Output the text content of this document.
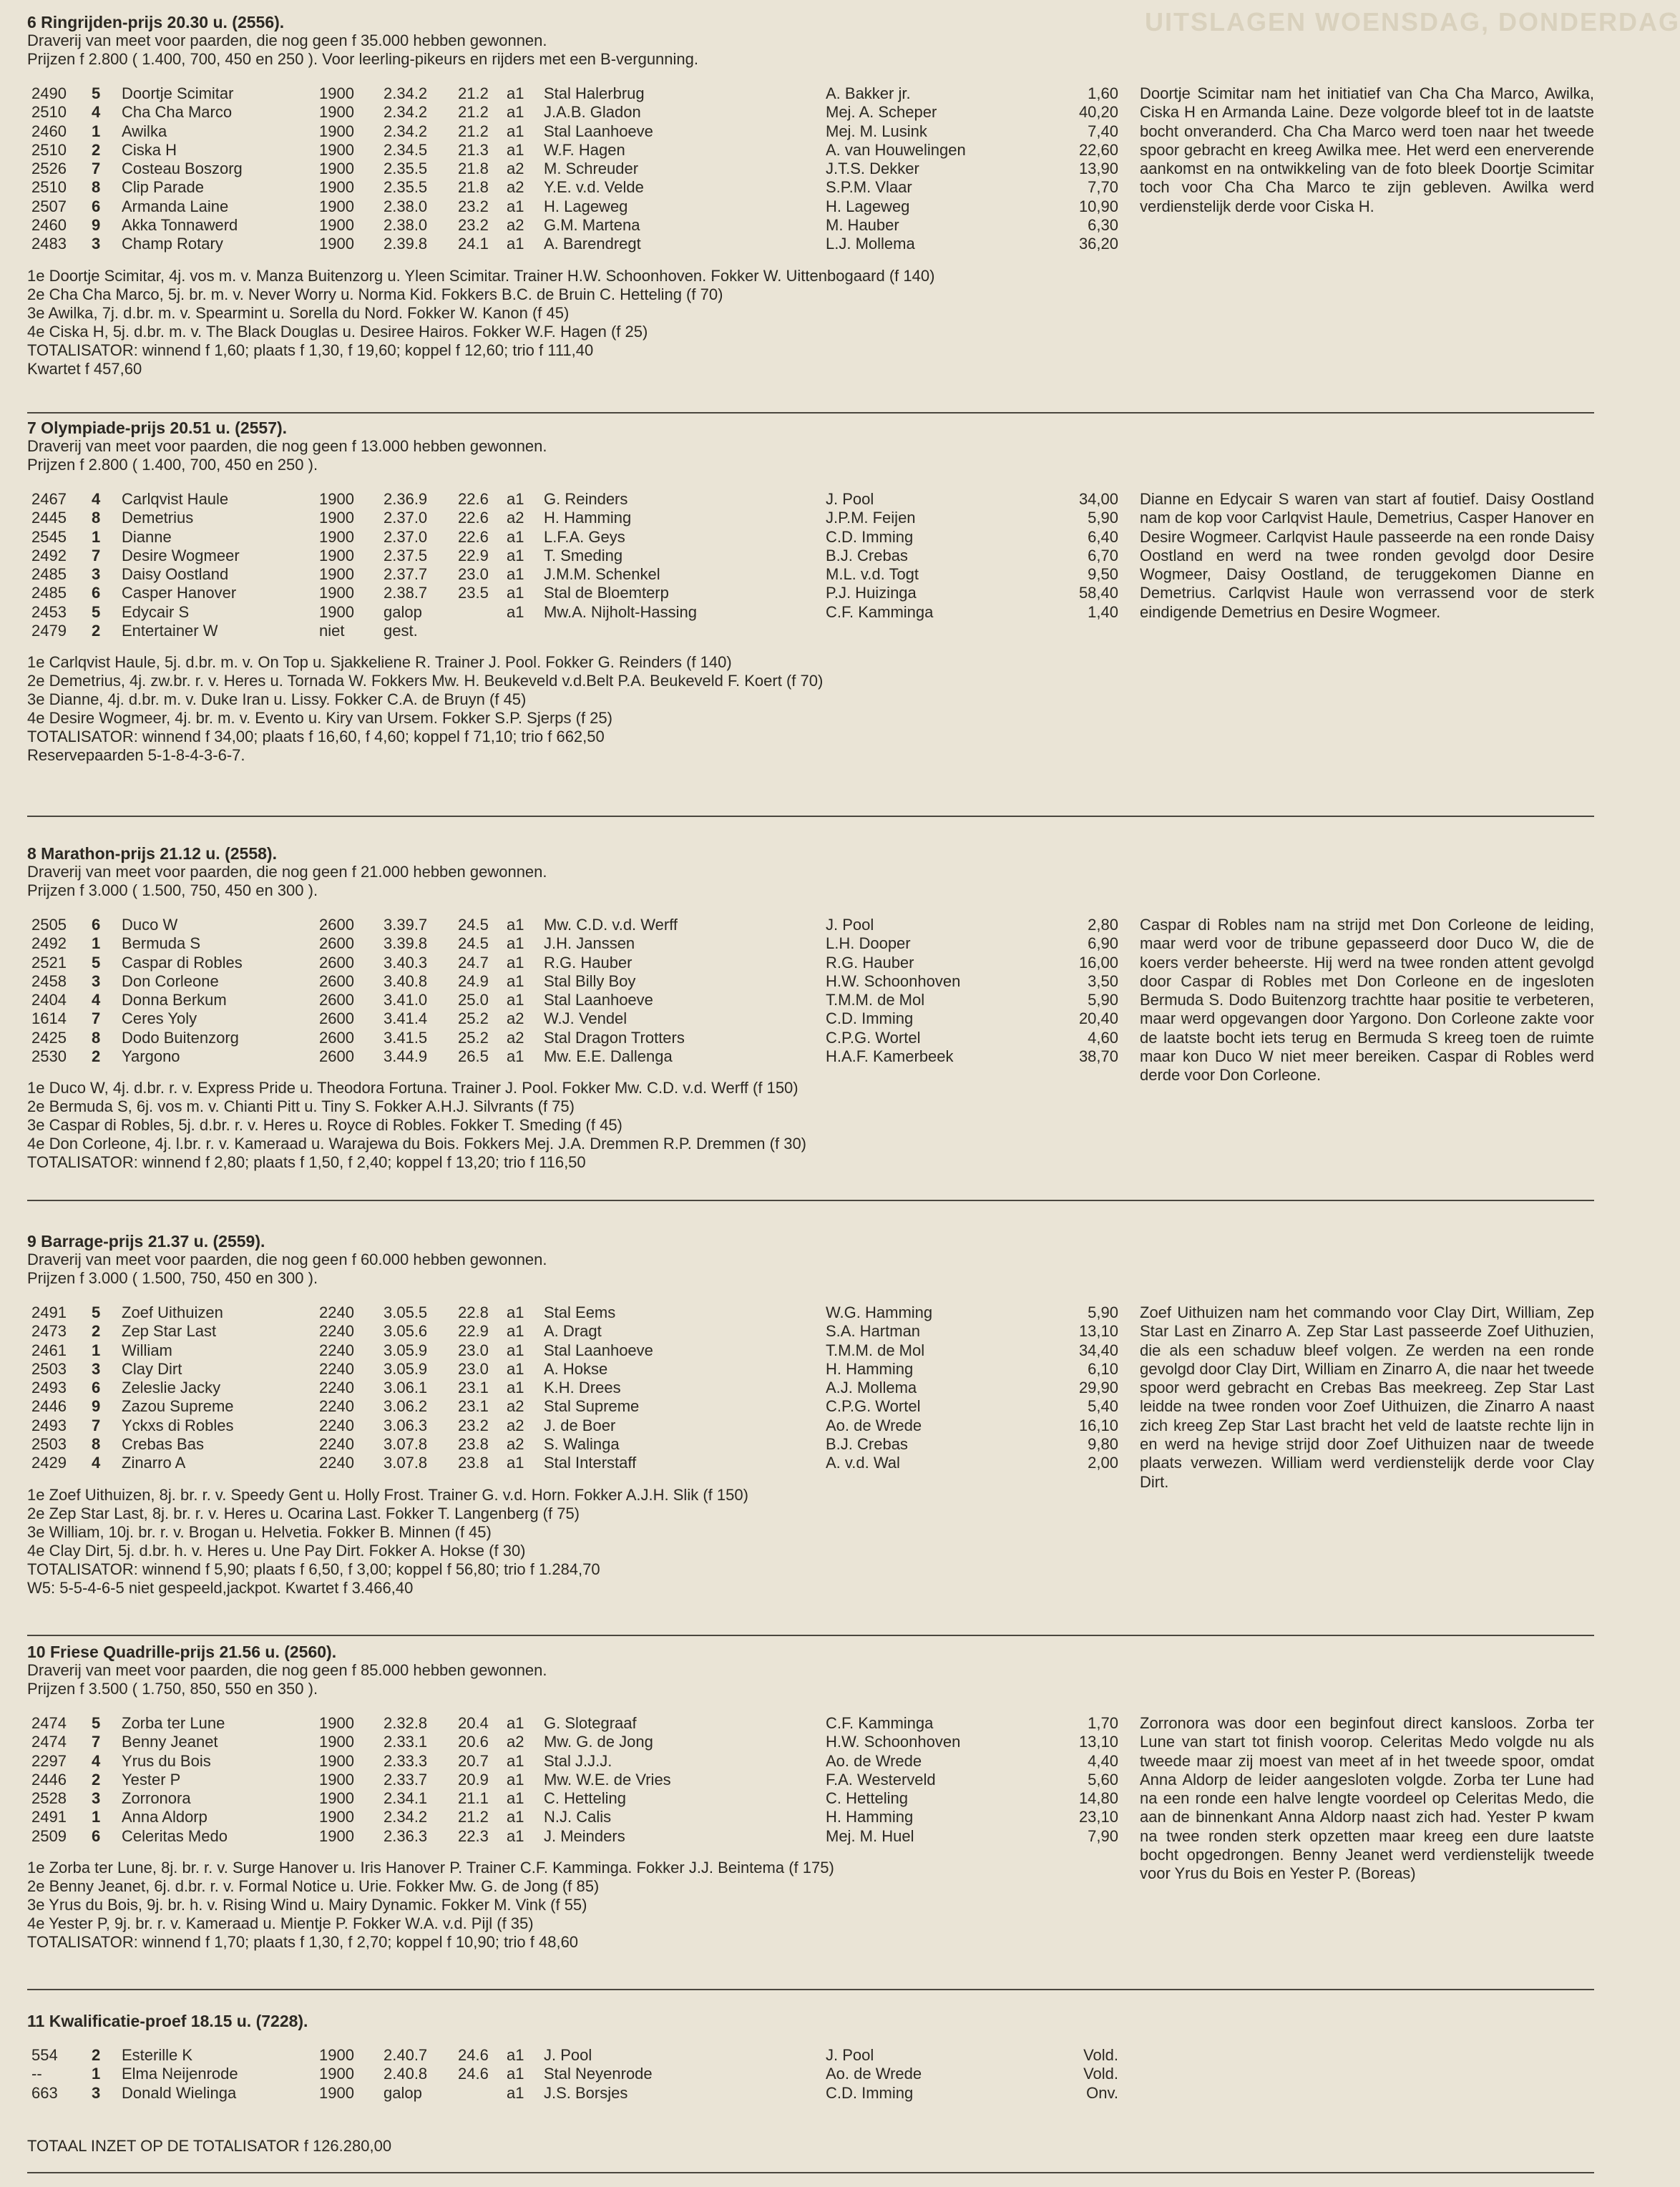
UITSLAGEN WOENSDAG, DONDERDAG
6 Ringrijden-prijs 20.30 u. (2556).
Draverij van meet voor paarden, die nog geen f 35.000 hebben gewonnen.
Prijzen f 2.800 ( 1.400, 700, 450 en 250 ). Voor leerling-pikeurs en rijders met een B-vergunning.
2490 5 Doortje Scimitar	1900 2.34.2 21.2 a1 Stal Halerbrug	A. Bakker jr.	1,60
2510 4 Cha Cha Marco	1900 2.34.2 21.2 a1 J.A.B. Gladon	Mej. A. Scheper	40,20
2460 1 Awilka	1900 2.34.2 21.2 a1 Stal Laanhoeve	Mej. M. Lusink	7,40
2510 2 Ciska H	1900 2.34.5 21.3 a1 W.F. Hagen	A. van Houwelingen	22,60
2526 7 Costeau Boszorg	1900 2.35.5 21.8 a2 M. Schreuder	J.T.S. Dekker	13,90
2510 8 Clip Parade	1900 2.35.5 21.8 a2 Y.E. v.d. Velde	S.P.M. Vlaar	7,70
2507 6 Armanda Laine	1900 2.38.0 23.2 a1 H. Lageweg	H. Lageweg	10,90
2460 9 Akka Tonnawerd	1900 2.38.0 23.2 a2 G.M. Martena	M. Hauber	6,30
2483 3 Champ Rotary	1900 2.39.8 24.1 a1 A. Barendregt	L.J. Mollema	36,20
Doortje Scimitar nam het initiatief van Cha Cha Marco, Awilka, Ciska H en Armanda Laine. Deze volgorde bleef tot in de laatste bocht onveranderd. Cha Cha Marco werd toen naar het tweede spoor gebracht en kreeg Awilka mee. Het werd een enerverende aankomst en na ontwikkeling van de foto bleek Doortje Scimitar toch voor Cha Cha Marco te zijn gebleven. Awilka werd verdienstelijk derde voor Ciska H.
1e Doortje Scimitar, 4j. vos m. v. Manza Buitenzorg u. Yleen Scimitar. Trainer H.W. Schoonhoven. Fokker W. Uittenbogaard (f 140)
2e Cha Cha Marco, 5j. br. m. v. Never Worry u. Norma Kid. Fokkers B.C. de Bruin C. Hetteling (f 70)
3e Awilka, 7j. d.br. m. v. Spearmint u. Sorella du Nord. Fokker W. Kanon (f 45)
4e Ciska H, 5j. d.br. m. v. The Black Douglas u. Desiree Hairos. Fokker W.F. Hagen (f 25)
TOTALISATOR: winnend f 1,60; plaats f 1,30, f 19,60; koppel f 12,60; trio f 111,40
Kwartet f 457,60
7 Olympiade-prijs 20.51 u. (2557).
Draverij van meet voor paarden, die nog geen f 13.000 hebben gewonnen.
Prijzen f 2.800 ( 1.400, 700, 450 en 250 ).
2467 4 Carlqvist Haule	1900 2.36.9 22.6 a1 G. Reinders	J. Pool	34,00
2445 8 Demetrius	1900 2.37.0 22.6 a2 H. Hamming	J.P.M. Feijen	5,90
2545 1 Dianne	1900 2.37.0 22.6 a1 L.F.A. Geys	C.D. Imming	6,40
2492 7 Desire Wogmeer	1900 2.37.5 22.9 a1 T. Smeding	B.J. Crebas	6,70
2485 3 Daisy Oostland	1900 2.37.7 23.0 a1 J.M.M. Schenkel	M.L. v.d. Togt	9,50
2485 6 Casper Hanover	1900 2.38.7 23.5 a1 Stal de Bloemterp	P.J. Huizinga	58,40
2453 5 Edycair S	1900 galop	a1 Mw.A. Nijholt-Hassing	C.F. Kamminga	1,40
2479 2 Entertainer W	niet gest.
Dianne en Edycair S waren van start af foutief. Daisy Oostland nam de kop voor Carlqvist Haule, Demetrius, Casper Hanover en Desire Wogmeer. Carlqvist Haule passeerde na een ronde Daisy Oostland en werd na twee ronden gevolgd door Desire Wogmeer, Daisy Oostland, de teruggekomen Dianne en Demetrius. Carlqvist Haule won verrassend voor de sterk eindigende Demetrius en Desire Wogmeer.
1e Carlqvist Haule, 5j. d.br. m. v. On Top u. Sjakkeliene R. Trainer J. Pool. Fokker G. Reinders (f 140)
2e Demetrius, 4j. zw.br. r. v. Heres u. Tornada W. Fokkers Mw. H. Beukeveld v.d.Belt P.A. Beukeveld F. Koert (f 70)
3e Dianne, 4j. d.br. m. v. Duke Iran u. Lissy. Fokker C.A. de Bruyn (f 45)
4e Desire Wogmeer, 4j. br. m. v. Evento u. Kiry van Ursem. Fokker S.P. Sjerps (f 25)
TOTALISATOR: winnend f 34,00; plaats f 16,60, f 4,60; koppel f 71,10; trio f 662,50
Reservepaarden 5-1-8-4-3-6-7.
8 Marathon-prijs 21.12 u. (2558).
Draverij van meet voor paarden, die nog geen f 21.000 hebben gewonnen.
Prijzen f 3.000 ( 1.500, 750, 450 en 300 ).
2505 6 Duco W	2600 3.39.7 24.5 a1 Mw. C.D. v.d. Werff	J. Pool	2,80
2492 1 Bermuda S	2600 3.39.8 24.5 a1 J.H. Janssen	L.H. Dooper	6,90
2521 5 Caspar di Robles	2600 3.40.3 24.7 a1 R.G. Hauber	R.G. Hauber	16,00
2458 3 Don Corleone	2600 3.40.8 24.9 a1 Stal Billy Boy	H.W. Schoonhoven	3,50
2404 4 Donna Berkum	2600 3.41.0 25.0 a1 Stal Laanhoeve	T.M.M. de Mol	5,90
1614 7 Ceres Yoly	2600 3.41.4 25.2 a2 W.J. Vendel	C.D. Imming	20,40
2425 8 Dodo Buitenzorg	2600 3.41.5 25.2 a2 Stal Dragon Trotters	C.P.G. Wortel	4,60
2530 2 Yargono	2600 3.44.9 26.5 a1 Mw. E.E. Dallenga	H.A.F. Kamerbeek	38,70
Caspar di Robles nam na strijd met Don Corleone de leiding, maar werd voor de tribune gepasseerd door Duco W, die de koers verder beheerste. Hij werd na twee ronden attent gevolgd door Caspar di Robles met Don Corleone en de ingesloten Bermuda S. Dodo Buitenzorg trachtte haar positie te verbeteren, maar werd opgevangen door Yargono. Don Corleone zakte voor de laatste bocht iets terug en Bermuda S kreeg toen de ruimte maar kon Duco W niet meer bereiken. Caspar di Robles werd derde voor Don Corleone.
1e Duco W, 4j. d.br. r. v. Express Pride u. Theodora Fortuna. Trainer J. Pool. Fokker Mw. C.D. v.d. Werff (f 150)
2e Bermuda S, 6j. vos m. v. Chianti Pitt u. Tiny S. Fokker A.H.J. Silvrants (f 75)
3e Caspar di Robles, 5j. d.br. r. v. Heres u. Royce di Robles. Fokker T. Smeding (f 45)
4e Don Corleone, 4j. l.br. r. v. Kameraad u. Warajewa du Bois. Fokkers Mej. J.A. Dremmen R.P. Dremmen (f 30)
TOTALISATOR: winnend f 2,80; plaats f 1,50, f 2,40; koppel f 13,20; trio f 116,50
9 Barrage-prijs 21.37 u. (2559).
Draverij van meet voor paarden, die nog geen f 60.000 hebben gewonnen.
Prijzen f 3.000 ( 1.500, 750, 450 en 300 ).
2491 5 Zoef Uithuizen	2240 3.05.5 22.8 a1 Stal Eems	W.G. Hamming	5,90
2473 2 Zep Star Last	2240 3.05.6 22.9 a1 A. Dragt	S.A. Hartman	13,10
2461 1 William	2240 3.05.9 23.0 a1 Stal Laanhoeve	T.M.M. de Mol	34,40
2503 3 Clay Dirt	2240 3.05.9 23.0 a1 A. Hokse	H. Hamming	6,10
2493 6 Zeleslie Jacky	2240 3.06.1 23.1 a1 K.H. Drees	A.J. Mollema	29,90
2446 9 Zazou Supreme	2240 3.06.2 23.1 a2 Stal Supreme	C.P.G. Wortel	5,40
2493 7 Yckxs di Robles	2240 3.06.3 23.2 a2 J. de Boer	Ao. de Wrede	16,10
2503 8 Crebas Bas	2240 3.07.8 23.8 a2 S. Walinga	B.J. Crebas	9,80
2429 4 Zinarro A	2240 3.07.8 23.8 a1 Stal Interstaff	A. v.d. Wal	2,00
Zoef Uithuizen nam het commando voor Clay Dirt, William, Zep Star Last en Zinarro A. Zep Star Last passeerde Zoef Uithuzien, die als een schaduw bleef volgen. Ze werden na een ronde gevolgd door Clay Dirt, William en Zinarro A, die naar het tweede spoor werd gebracht en Crebas Bas meekreeg. Zep Star Last leidde na twee ronden voor Zoef Uithuizen, die Zinarro A naast zich kreeg Zep Star Last bracht het veld de laatste rechte lijn in en werd na hevige strijd door Zoef Uithuizen naar de tweede plaats verwezen. William werd verdienstelijk derde voor Clay Dirt.
1e Zoef Uithuizen, 8j. br. r. v. Speedy Gent u. Holly Frost. Trainer G. v.d. Horn. Fokker A.J.H. Slik (f 150)
2e Zep Star Last, 8j. br. r. v. Heres u. Ocarina Last. Fokker T. Langenberg (f 75)
3e William, 10j. br. r. v. Brogan u. Helvetia. Fokker B. Minnen (f 45)
4e Clay Dirt, 5j. d.br. h. v. Heres u. Une Pay Dirt. Fokker A. Hokse (f 30)
TOTALISATOR: winnend f 5,90; plaats f 6,50, f 3,00; koppel f 56,80; trio f 1.284,70
W5: 5-5-4-6-5 niet gespeeld,jackpot. Kwartet f 3.466,40
10 Friese Quadrille-prijs 21.56 u. (2560).
Draverij van meet voor paarden, die nog geen f 85.000 hebben gewonnen.
Prijzen f 3.500 ( 1.750, 850, 550 en 350 ).
2474 5 Zorba ter Lune	1900 2.32.8 20.4 a1 G. Slotegraaf	C.F. Kamminga	1,70
2474 7 Benny Jeanet	1900 2.33.1 20.6 a2 Mw. G. de Jong	H.W. Schoonhoven	13,10
2297 4 Yrus du Bois	1900 2.33.3 20.7 a1 Stal J.J.J.	Ao. de Wrede	4,40
2446 2 Yester P	1900 2.33.7 20.9 a1 Mw. W.E. de Vries	F.A. Westerveld	5,60
2528 3 Zorronora	1900 2.34.1 21.1 a1 C. Hetteling	C. Hetteling	14,80
2491 1 Anna Aldorp	1900 2.34.2 21.2 a1 N.J. Calis	H. Hamming	23,10
2509 6 Celeritas Medo	1900 2.36.3 22.3 a1 J. Meinders	Mej. M. Huel	7,90
Zorronora was door een beginfout direct kansloos. Zorba ter Lune van start tot finish voorop. Celeritas Medo volgde nu als tweede maar zij moest van meet af in het tweede spoor, omdat Anna Aldorp de leider aangesloten volgde. Zorba ter Lune had na een ronde een halve lengte voordeel op Celeritas Medo, die aan de binnenkant Anna Aldorp naast zich had. Yester P kwam na twee ronden sterk opzetten maar kreeg een dure laatste bocht opgedrongen. Benny Jeanet werd verdienstelijk tweede voor Yrus du Bois en Yester P. (Boreas)
1e Zorba ter Lune, 8j. br. r. v. Surge Hanover u. Iris Hanover P. Trainer C.F. Kamminga. Fokker J.J. Beintema (f 175)
2e Benny Jeanet, 6j. d.br. r. v. Formal Notice u. Urie. Fokker Mw. G. de Jong (f 85)
3e Yrus du Bois, 9j. br. h. v. Rising Wind u. Mairy Dynamic. Fokker M. Vink (f 55)
4e Yester P, 9j. br. r. v. Kameraad u. Mientje P. Fokker W.A. v.d. Pijl (f 35)
TOTALISATOR: winnend f 1,70; plaats f 1,30, f 2,70; koppel f 10,90; trio f 48,60
11 Kwalificatie-proef 18.15 u. (7228).
554 2 Esterille K	1900 2.40.7 24.6 a1 J. Pool	J. Pool	Vold.
--	1 Elma Neijenrode	1900 2.40.8 24.6 a1 Stal Neyenrode	Ao. de Wrede	Vold.
663 3 Donald Wielinga	1900 galop	a1 J.S. Borsjes	C.D. Imming	Onv.
TOTAAL INZET OP DE TOTALISATOR f 126.280,00
